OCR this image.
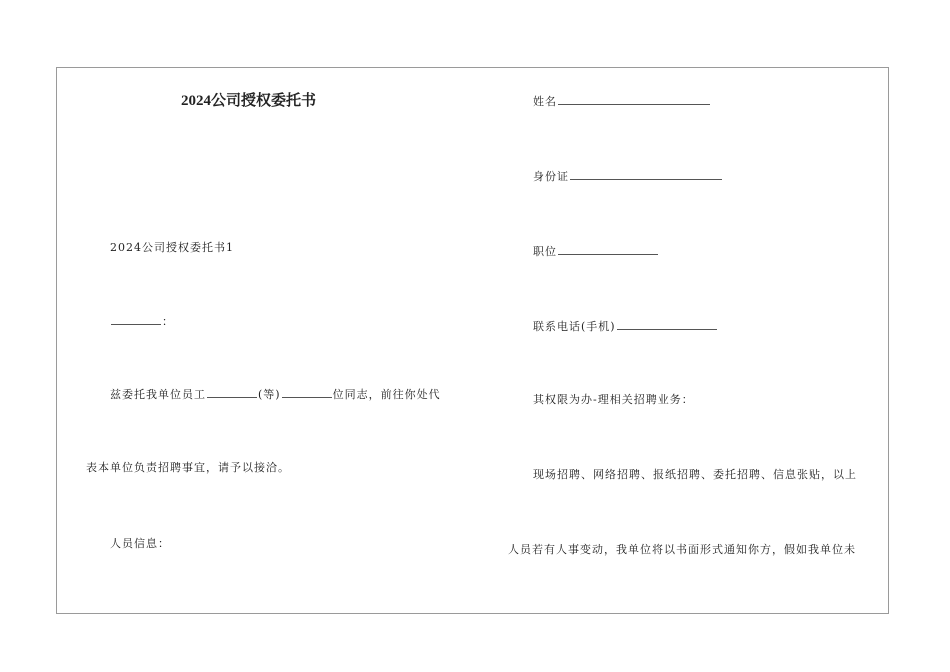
2024公司授权委托书
2024公司授权委托书1
：
兹委托我单位员工	(等)	位同志，前往你处代
表本单位负责招聘事宜，请予以接洽。
人员信息：
姓名
身份证
职位
联系电话(手机)
其权限为办-理相关招聘业务：
现场招聘、网络招聘、报纸招聘、委托招聘、信息张贴，以上
人员若有人事变动，我单位将以书面形式通知你方，假如我单位未
